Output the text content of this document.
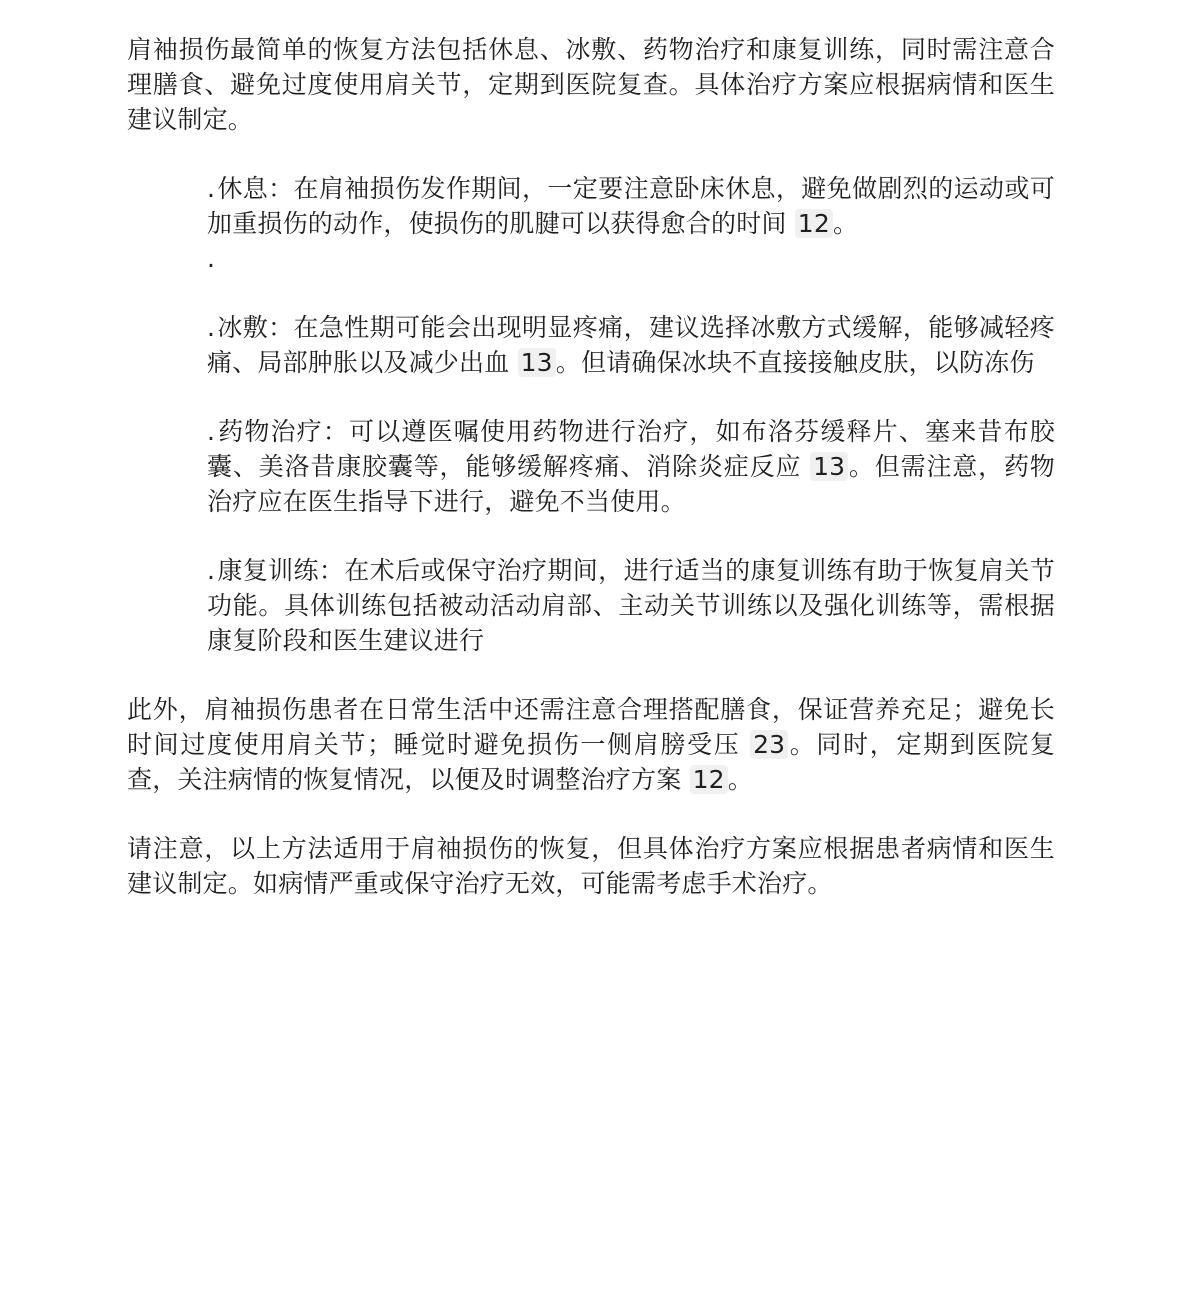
肩袖损伤最简单的恢复方法包括休息、冰敷、药物治疗和康复训练，同时需注意合理膳食、避免过度使用肩关节，定期到医院复查。具体治疗方案应根据病情和医生建议制定。

.休息：在肩袖损伤发作期间，一定要注意卧床休息，避免做剧烈的运动或可加重损伤的动作，使损伤的肌腱可以获得愈合的时间 12 。
.
.冰敷：在急性期可能会出现明显疼痛，建议选择冰敷方式缓解，能够减轻疼痛、局部肿胀以及减少出血 13 。但请确保冰块不直接接触皮肤，以防冻伤
.药物治疗：可以遵医嘱使用药物进行治疗，如布洛芬缓释片、塞来昔布胶囊、美洛昔康胶囊等，能够缓解疼痛、消除炎症反应 13 。但需注意，药物治疗应在医生指导下进行，避免不当使用。
.康复训练：在术后或保守治疗期间，进行适当的康复训练有助于恢复肩关节功能。具体训练包括被动活动肩部、主动关节训练以及强化训练等，需根据康复阶段和医生建议进行

此外，肩袖损伤患者在日常生活中还需注意合理搭配膳食，保证营养充足；避免长时间过度使用肩关节；睡觉时避免损伤一侧肩膀受压 23 。同时，定期到医院复查，关注病情的恢复情况，以便及时调整治疗方案 12 。

请注意，以上方法适用于肩袖损伤的恢复，但具体治疗方案应根据患者病情和医生建议制定。如病情严重或保守治疗无效，可能需考虑手术治疗。
